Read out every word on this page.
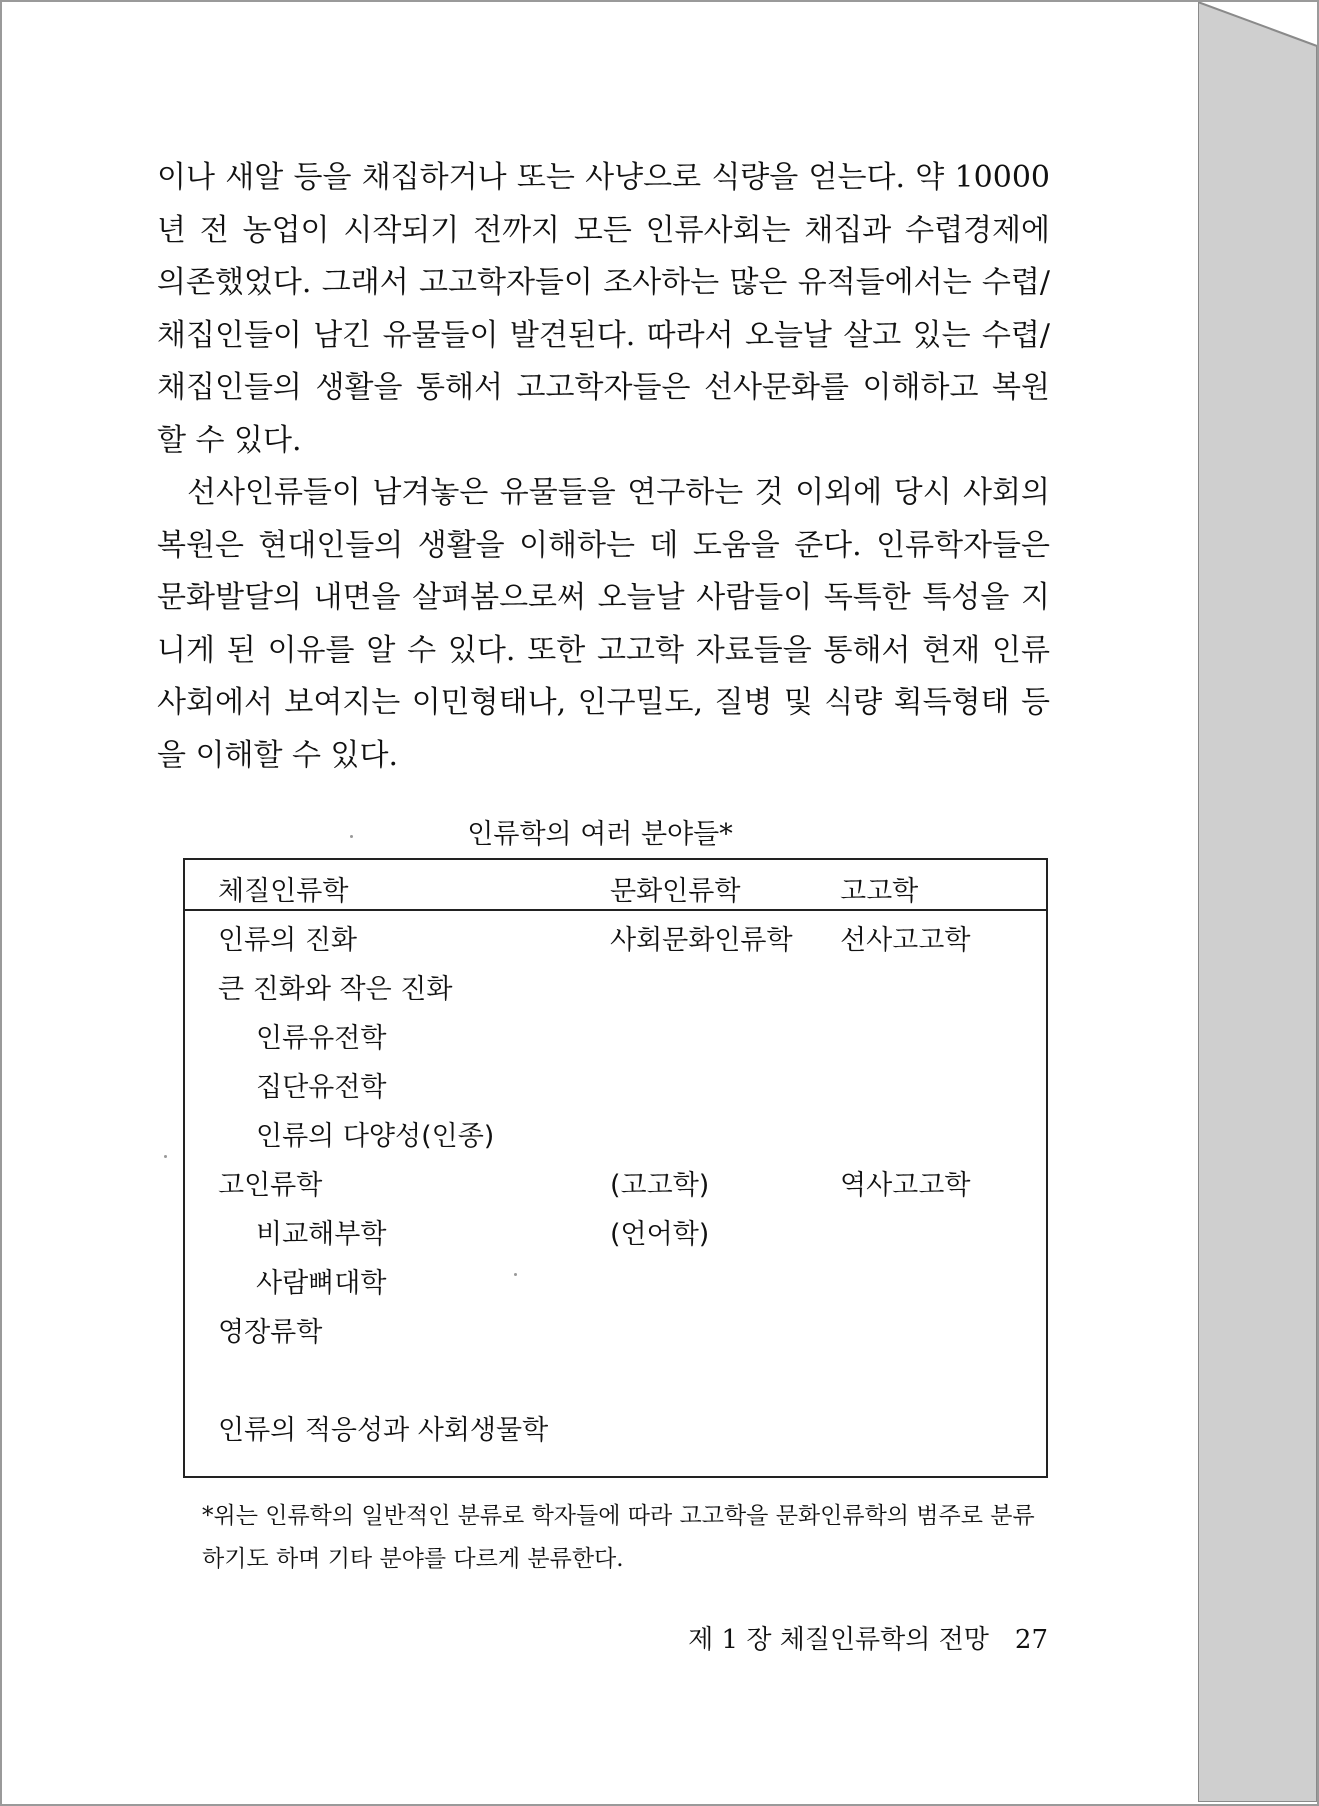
이나 새알 등을 채집하거나 또는 사냥으로 식량을 얻는다. 약 10000 년 전 농업이 시작되기 전까지 모든 인류사회는 채집과 수렵경제에 의존했었다. 그래서 고고학자들이 조사하는 많은 유적들에서는 수렵/채집인들이 남긴 유물들이 발견된다. 따라서 오늘날 살고 있는 수렵/채집인들의 생활을 통해서 고고학자들은 선사문화를 이해하고 복원할 수 있다.

선사인류들이 남겨놓은 유물들을 연구하는 것 이외에 당시 사회의 복원은 현대인들의 생활을 이해하는 데 도움을 준다. 인류학자들은 문화발달의 내면을 살펴봄으로써 오늘날 사람들이 독특한 특성을 지니게 된 이유를 알 수 있다. 또한 고고학 자료들을 통해서 현재 인류사회에서 보여지는 이민형태나, 인구밀도, 질병 및 식량 획득형태 등을 이해할 수 있다.

인류학의 여러 분야들*
체질인류학	문화인류학	고고학
인류의 진화
큰 진화와 작은 진화
인류유전학
집단유전학
인류의 다양성(인종)
고인류학
비교해부학
사람뼈대학
영장류학
인류의 적응성과 사회생물학
사회문화인류학
(고고학)
(언어학)
선사고고학
역사고고학

*위는 인류학의 일반적인 분류로 학자들에 따라 고고학을 문화인류학의 범주로 분류하기도 하며 기타 분야를 다르게 분류한다.

제 1 장 체질인류학의 전망 27
